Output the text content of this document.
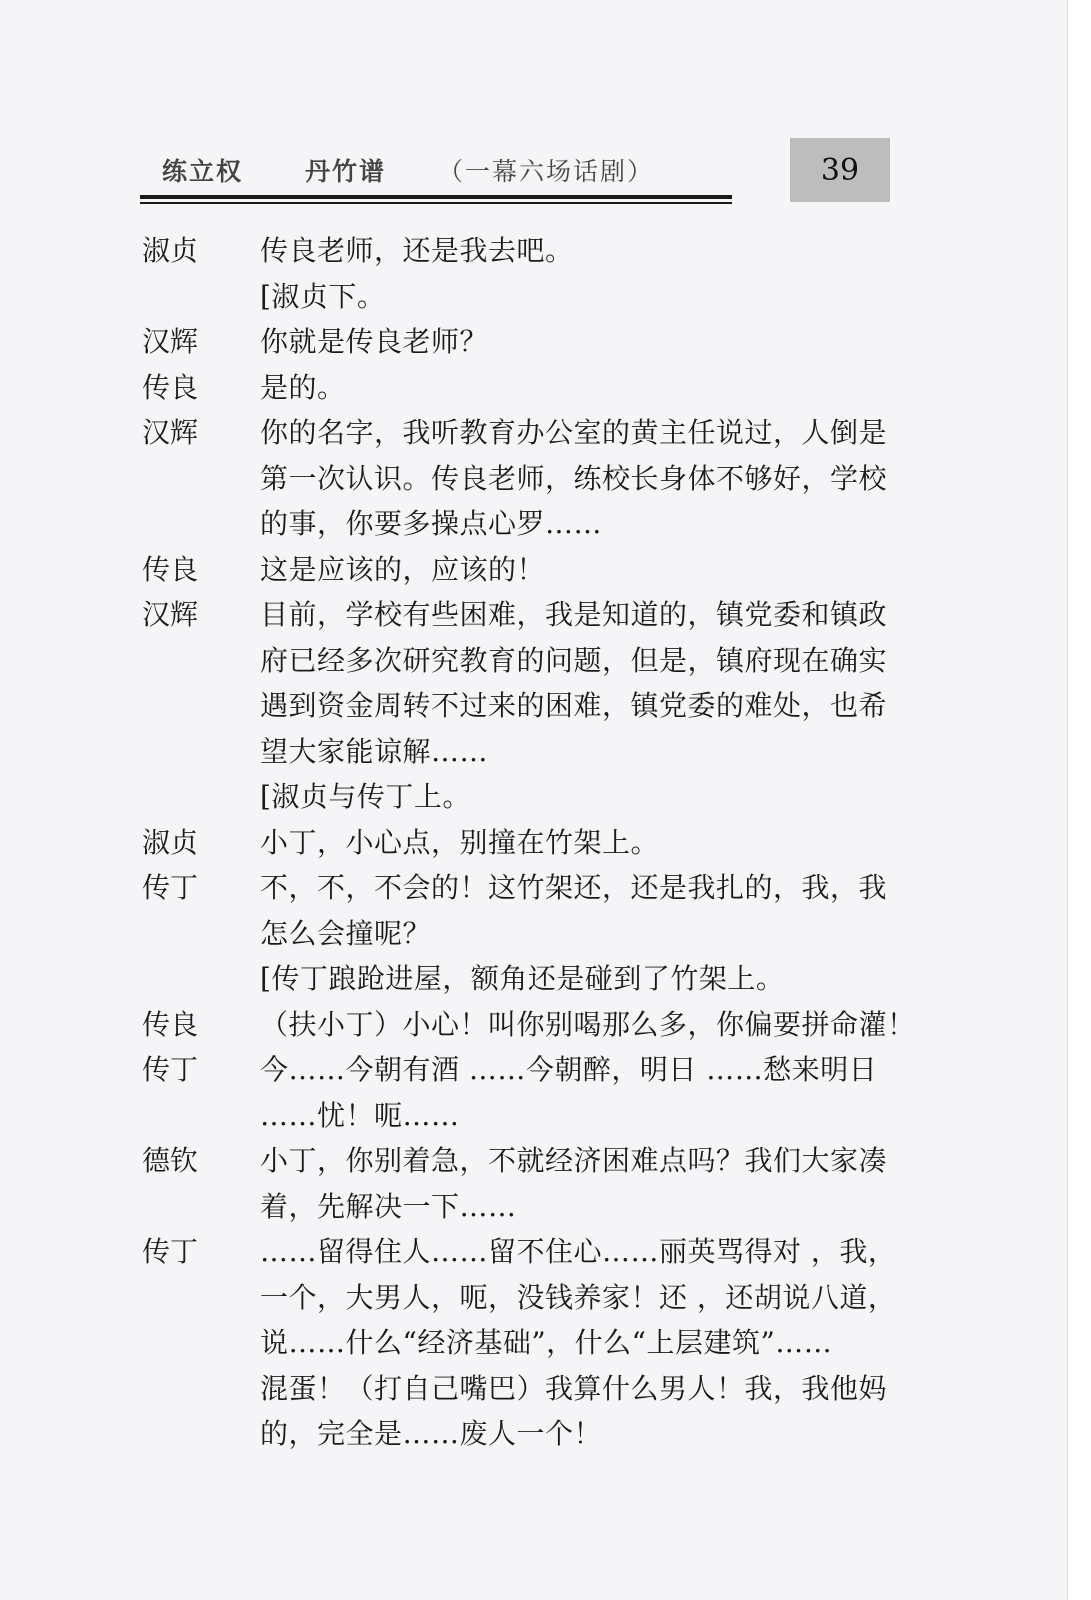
练立权 丹竹谱 （一幕六场话剧）	39
淑贞	传良老师，还是我去吧。
[淑贞下。
汉辉	你就是传良老师？
传良	是的。
汉辉	你的名字，我听教育办公室的黄主任说过，人倒是
第一次认识。传良老师，练校长身体不够好，学校
的事，你要多操点心罗……
传良	这是应该的，应该的！
汉辉	目前，学校有些困难，我是知道的，镇党委和镇政
府已经多次研究教育的问题，但是，镇府现在确实
遇到资金周转不过来的困难，镇党委的难处，也希
望大家能谅解……
[淑贞与传丁上。
淑贞	小丁，小心点，别撞在竹架上。
传丁	不，不，不会的！这竹架还，还是我扎的，我，我
怎么会撞呢？
[传丁踉跄进屋，额角还是碰到了竹架上。
传良	（扶小丁）小心！叫你别喝那么多，你偏要拼命灌！
传丁	今……今朝有酒 ……今朝醉，明日 ……愁来明日
……忧！呃……
德钦	小丁，你别着急，不就经济困难点吗？我们大家凑
着，先解决一下……
传丁	……留得住人……留不住心……丽英骂得对 ，我，
一个，大男人，呃，没钱养家！还 ，还胡说八道，
说……什么“经济基础”，什么“上层建筑”……
混蛋！（打自己嘴巴）我算什么男人！我，我他妈
的，完全是……废人一个！
